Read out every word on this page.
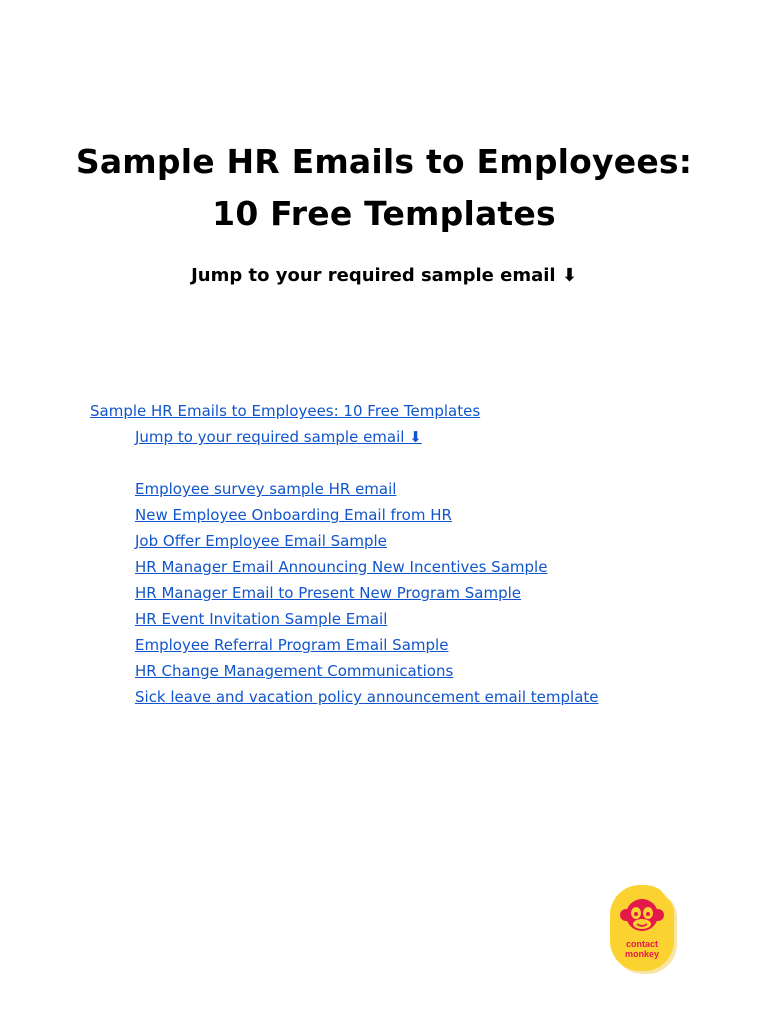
Sample HR Emails to Employees:
10 Free Templates
Jump to your required sample email ⬇
Sample HR Emails to Employees: 10 Free Templates
Jump to your required sample email ⬇
Employee survey sample HR email
New Employee Onboarding Email from HR
Job Offer Employee Email Sample
HR Manager Email Announcing New Incentives Sample
HR Manager Email to Present New Program Sample
HR Event Invitation Sample Email
Employee Referral Program Email Sample
HR Change Management Communications
Sick leave and vacation policy announcement email template
contact
monkey
